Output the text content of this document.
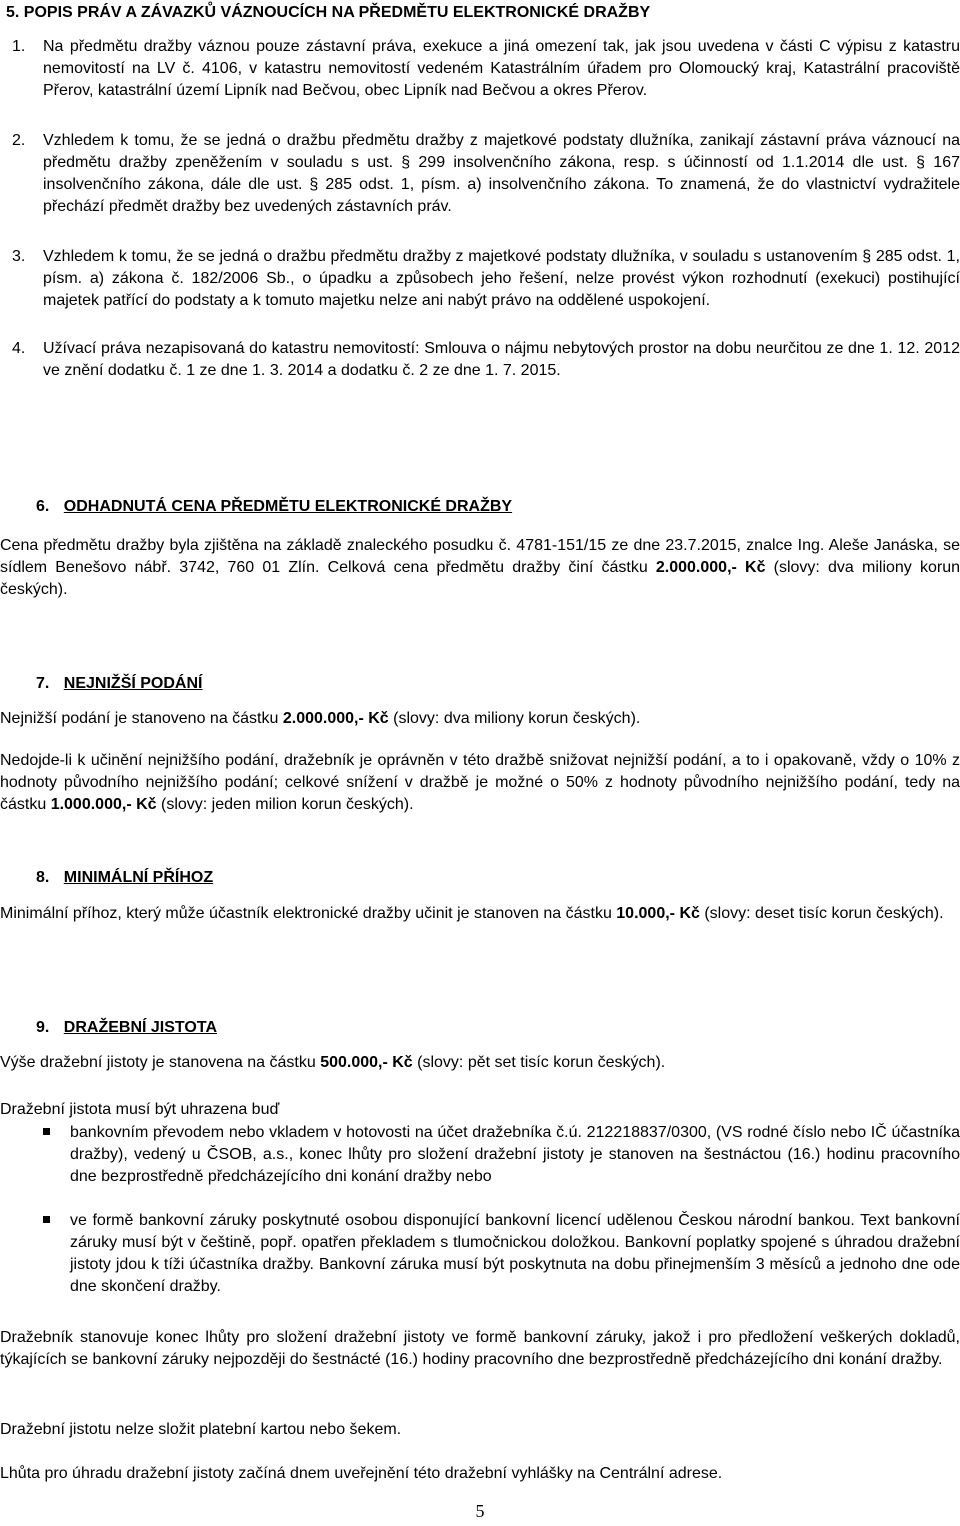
5. POPIS PRÁV A ZÁVAZKŮ VÁZNOUCÍCH NA PŘEDMĚTU ELEKTRONICKÉ DRAŽBY
1.	Na předmětu dražby váznou pouze zástavní práva, exekuce a jiná omezení tak, jak jsou uvedena v části C výpisu z katastru nemovitostí na LV č. 4106, v katastru nemovitostí vedeném Katastrálním úřadem pro Olomoucký kraj, Katastrální pracoviště Přerov, katastrální území Lipník nad Bečvou, obec Lipník nad Bečvou a okres Přerov.
2.	Vzhledem k tomu, že se jedná o dražbu předmětu dražby z majetkové podstaty dlužníka, zanikají zástavní práva váznoucí na předmětu dražby zpeněžením v souladu s ust. § 299 insolvenčního zákona, resp. s účinností od 1.1.2014 dle ust. § 167 insolvenčního zákona, dále dle ust. § 285 odst. 1, písm. a) insolvenčního zákona. To znamená, že do vlastnictví vydražitele přechází předmět dražby bez uvedených zástavních práv.
3.	Vzhledem k tomu, že se jedná o dražbu předmětu dražby z majetkové podstaty dlužníka, v souladu s ustanovením § 285 odst. 1, písm. a) zákona č. 182/2006 Sb., o úpadku a způsobech jeho řešení, nelze provést výkon rozhodnutí (exekuci) postihující majetek patřící do podstaty a k tomuto majetku nelze ani nabýt právo na oddělené uspokojení.
4.	Užívací práva nezapisovaná do katastru nemovitostí: Smlouva o nájmu nebytových prostor na dobu neurčitou ze dne 1. 12. 2012 ve znění dodatku č. 1 ze dne 1. 3. 2014 a dodatku č. 2 ze dne 1. 7. 2015.
6. ODHADNUTÁ CENA PŘEDMĚTU ELEKTRONICKÉ DRAŽBY
Cena předmětu dražby byla zjištěna na základě znaleckého posudku č. 4781-151/15 ze dne 23.7.2015, znalce Ing. Aleše Janáska, se sídlem Benešovo nábř. 3742, 760 01 Zlín. Celková cena předmětu dražby činí částku 2.000.000,- Kč (slovy: dva miliony korun českých).
7. NEJNIŽŠÍ PODÁNÍ
Nejnižší podání je stanoveno na částku 2.000.000,- Kč (slovy: dva miliony korun českých).
Nedojde-li k učinění nejnižšího podání, dražebník je oprávněn v této dražbě snižovat nejnižší podání, a to i opakovaně, vždy o 10% z hodnoty původního nejnižšího podání; celkové snížení v dražbě je možné o 50% z hodnoty původního nejnižšího podání, tedy na částku 1.000.000,- Kč (slovy: jeden milion korun českých).
8. MINIMÁLNÍ PŘÍHOZ
Minimální příhoz, který může účastník elektronické dražby učinit je stanoven na částku 10.000,- Kč (slovy: deset tisíc korun českých).
9. DRAŽEBNÍ JISTOTA
Výše dražební jistoty je stanovena na částku 500.000,- Kč (slovy: pět set tisíc korun českých).
Dražební jistota musí být uhrazena buď
bankovním převodem nebo vkladem v hotovosti na účet dražebníka č.ú. 212218837/0300, (VS rodné číslo nebo IČ účastníka dražby), vedený u ČSOB, a.s., konec lhůty pro složení dražební jistoty je stanoven na šestnáctou (16.) hodinu pracovního dne bezprostředně předcházejícího dni konání dražby nebo
ve formě bankovní záruky poskytnuté osobou disponující bankovní licencí udělenou Českou národní bankou. Text bankovní záruky musí být v češtině, popř. opatřen překladem s tlumočnickou doložkou. Bankovní poplatky spojené s úhradou dražební jistoty jdou k tíži účastníka dražby. Bankovní záruka musí být poskytnuta na dobu přinejmenším 3 měsíců a jednoho dne ode dne skončení dražby.
Dražebník stanovuje konec lhůty pro složení dražební jistoty ve formě bankovní záruky, jakož i pro předložení veškerých dokladů, týkajících se bankovní záruky nejpozději do šestnácté (16.) hodiny pracovního dne bezprostředně předcházejícího dni konání dražby.
Dražební jistotu nelze složit platební kartou nebo šekem.
Lhůta pro úhradu dražební jistoty začíná dnem uveřejnění této dražební vyhlášky na Centrální adrese.
5
